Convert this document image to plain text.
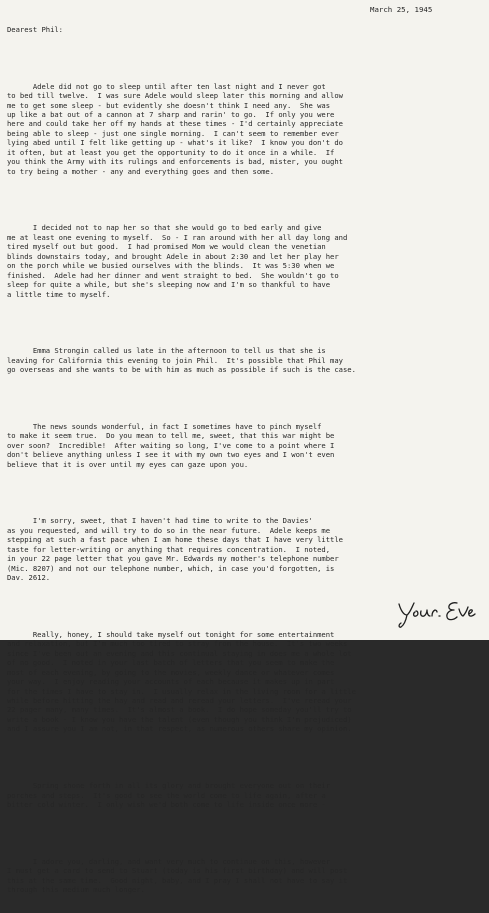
March 25, 1945

Dearest Phil:

Adele did not go to sleep until after ten last night and I never got
to bed till twelve.  I was sure Adele would sleep later this morning and allow
me to get some sleep - but evidently she doesn't think I need any.  She was
up like a bat out of a cannon at 7 sharp and rarin' to go.  If only you were
here and could take her off my hands at these times - I'd certainly appreciate
being able to sleep - just one single morning.  I can't seem to remember ever
lying abed until I felt like getting up - what's it like?  I know you don't do
it often, but at least you get the opportunity to do it once in a while.  If
you think the Army with its rulings and enforcements is bad, mister, you ought
to try being a mother - any and everything goes and then some.

I decided not to nap her so that she would go to bed early and give
me at least one evening to myself.  So - I ran around with her all day long and
tired myself out but good.  I had promised Mom we would clean the venetian
blinds downstairs today, and brought Adele in about 2:30 and let her play her
on the porch while we busied ourselves with the blinds.  It was 5:30 when we
finished.  Adele had her dinner and went straight to bed.  She wouldn't go to
sleep for quite a while, but she's sleeping now and I'm so thankful to have
a little time to myself.

Emma Strongin called us late in the afternoon to tell us that she is
leaving for California this evening to join Phil.  It's possible that Phil may
go overseas and she wants to be with him as much as possible if such is the case.

The news sounds wonderful, in fact I sometimes have to pinch myself
to make it seem true.  Do you mean to tell me, sweet, that this war might be
over soon?  Incredible!  After waiting so long, I've come to a point where I
don't believe anything unless I see it with my own two eyes and I won't even
believe that it is over until my eyes can gaze upon you.

I'm sorry, sweet, that I haven't had time to write to the Davies'
as you requested, and will try to do so in the near future.  Adele keeps me
stepping at such a fast pace when I am home these days that I have very little
taste for letter-writing or anything that requires concentration.  I noted,
in your 22 page letter that you gave Mr. Edwards my mother's telephone number
(Mic. 8207) and not our telephone number, which, in case you'd forgotten, is
Dav. 2612.

Really, honey, I should take myself out tonight for some entertainment
and relaxation, but I'm much too tired to stray from the house.  It's two weeks
since I've been out an evening and this continual staying in does me a whole lot
of no good.  I noted in your last batch of letters that you seem to make the
most of each evening, by going to the movies, weekly dance or whatever comes
your way.  I enjoy reading your accounts of each because it makes up in part
for the times I have to stay in.  I usually relax in the living room for a little
while before hitting the hay and read and reread your letters.  I've reread your
22 pager many, many times.  It's almost a book.  I do hope someday you'll try to
write a book - I know you have the talent (even though you think I'm prejudiced)
and I assure you I am not, in that respect, as numerous others share my opinion.

Spring shone forth in all its glory and brought everyone out on their
porches and steps.  It's good to see the world come to life again, after a
bitter cold winter.  I only wish we'd both come to life inside once more -

I adore you, darling, and want very much to continue on this, however
I must get a card to send to Stuart (today is his first birthday) and will post
this at the same time.  Good night, baby, and I pray I shall not have to say it
through this medium much longer.
